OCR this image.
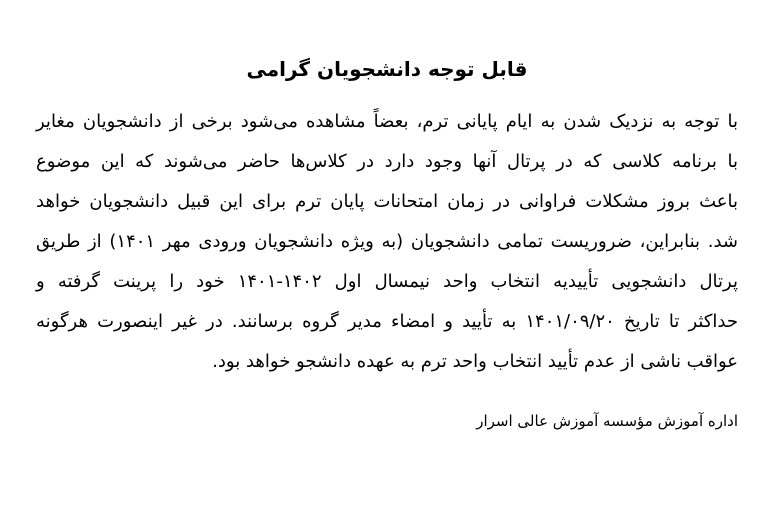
قابل توجه دانشجویان گرامی
با توجه به نزدیک شدن به ایام پایانی ترم، بعضاً مشاهده می‌شود برخی از دانشجویان مغایر
با برنامه کلاسی که در پرتال آنها وجود دارد در کلاس‌ها حاضر می‌شوند که این موضوع
باعث بروز مشکلات فراوانی در زمان امتحانات پایان ترم برای این قبیل دانشجویان خواهد
شد. بنابراین، ضروریست تمامی دانشجویان (به ویژه دانشجویان ورودی مهر ۱۴۰۱) از طریق
پرتال دانشجویی تأییدیه انتخاب واحد نیمسال اول ۱۴۰۲-۱۴۰۱ خود را پرینت گرفته و
حداکثر تا تاریخ ۱۴۰۱/۰۹/۲۰ به تأیید و امضاء مدیر گروه برسانند. در غیر اینصورت هرگونه
عواقب ناشی از عدم تأیید انتخاب واحد ترم به عهده دانشجو خواهد بود.
اداره آموزش مؤسسه آموزش عالی اسرار
